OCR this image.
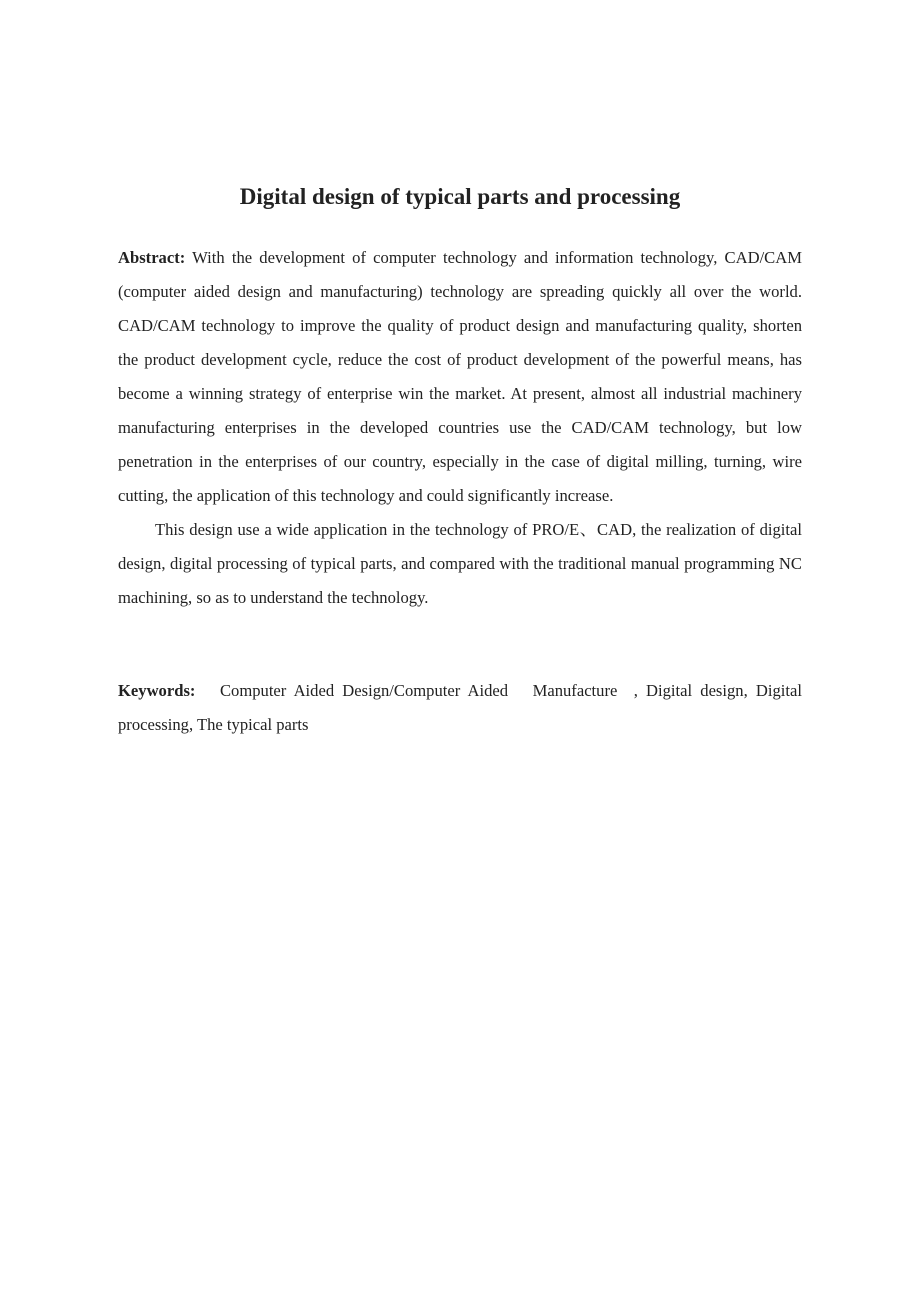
Digital design of typical parts and processing

Abstract: With the development of computer technology and information technology, CAD/CAM (computer aided design and manufacturing) technology are spreading quickly all over the world. CAD/CAM technology to improve the quality of product design and manufacturing quality, shorten the product development cycle, reduce the cost of product development of the powerful means, has become a winning strategy of enterprise win the market. At present, almost all industrial machinery manufacturing enterprises in the developed countries use the CAD/CAM technology, but low penetration in the enterprises of our country, especially in the case of digital milling, turning, wire cutting, the application of this technology and could significantly increase.

This design use a wide application in the technology of PRO/E、CAD, the realization of digital design, digital processing of typical parts, and compared with the traditional manual programming NC machining, so as to understand the technology.

Keywords: Computer Aided Design/Computer Aided   Manufacture  , Digital design, Digital processing, The typical parts
